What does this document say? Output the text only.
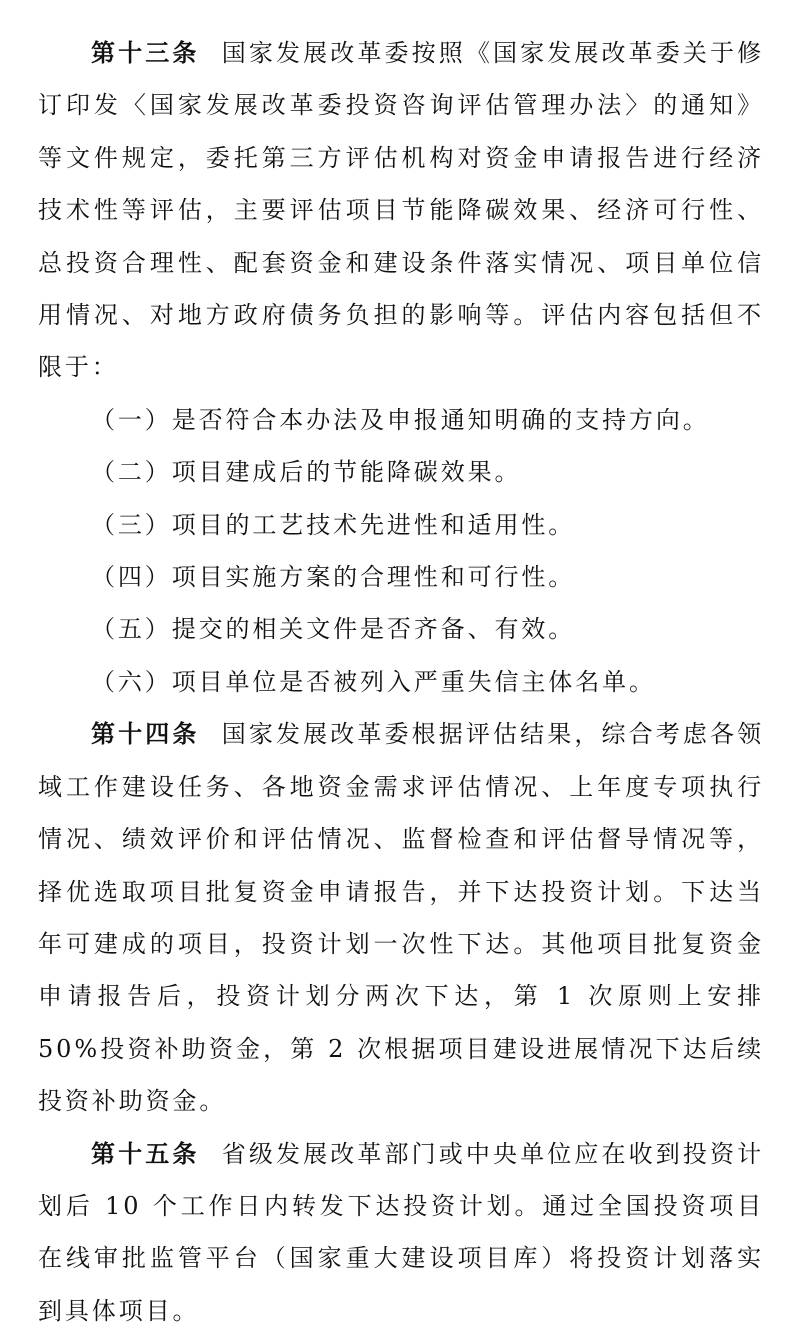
第十三条 国家发展改革委按照《国家发展改革委关于修订印发〈国家发展改革委投资咨询评估管理办法〉的通知》等文件规定，委托第三方评估机构对资金申请报告进行经济技术性等评估，主要评估项目节能降碳效果、经济可行性、总投资合理性、配套资金和建设条件落实情况、项目单位信用情况、对地方政府债务负担的影响等。评估内容包括但不限于：

（一）是否符合本办法及申报通知明确的支持方向。

（二）项目建成后的节能降碳效果。

（三）项目的工艺技术先进性和适用性。

（四）项目实施方案的合理性和可行性。

（五）提交的相关文件是否齐备、有效。

（六）项目单位是否被列入严重失信主体名单。

第十四条 国家发展改革委根据评估结果，综合考虑各领域工作建设任务、各地资金需求评估情况、上年度专项执行情况、绩效评价和评估情况、监督检查和评估督导情况等，择优选取项目批复资金申请报告，并下达投资计划。下达当年可建成的项目，投资计划一次性下达。其他项目批复资金申请报告后，投资计划分两次下达，第 1 次原则上安排 50%投资补助资金，第 2 次根据项目建设进展情况下达后续投资补助资金。

第十五条 省级发展改革部门或中央单位应在收到投资计划后 10 个工作日内转发下达投资计划。通过全国投资项目在线审批监管平台（国家重大建设项目库）将投资计划落实到具体项目。
